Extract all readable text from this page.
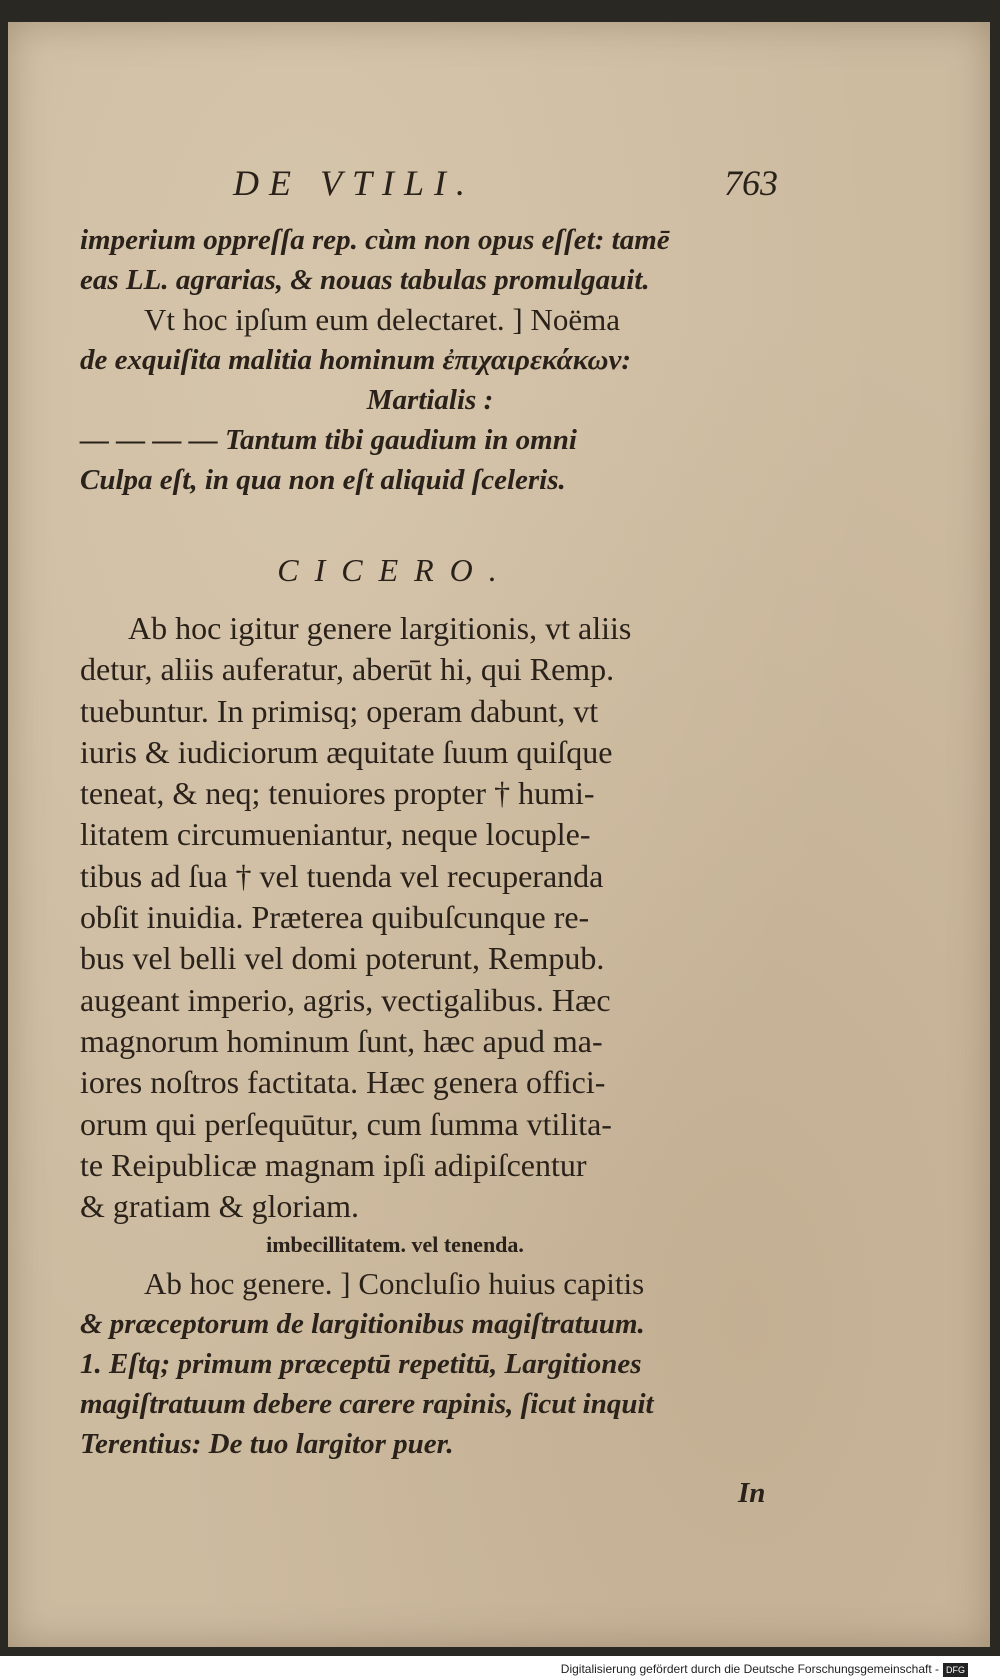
DE VTILI.	763
imperium oppreſſa rep. cùm non opus eſſet: tamē
eas LL. agrarias, & nouas tabulas promulgauit.
Vt hoc ipſum eum delectaret. ] Noëma
de exquiſita malitia hominum ἐπιχαιρεκάκων:
Martialis :
— — — — Tantum tibi gaudium in omni
Culpa eſt, in qua non eſt aliquid ſceleris.
CICERO.
Ab hoc igitur genere largitionis, vt aliis
detur, aliis auferatur, aberūt hi, qui Remp.
tuebuntur. In primisq; operam dabunt, vt
iuris & iudiciorum æquitate ſuum quiſque
teneat, & neq; tenuiores propter † humi-
litatem circumueniantur, neque locuple-
tibus ad ſua † vel tuenda vel recuperanda
obſit inuidia. Præterea quibuſcunque re-
bus vel belli vel domi poterunt, Rempub.
augeant imperio, agris, vectigalibus. Hæc
magnorum hominum ſunt, hæc apud ma-
iores noſtros factitata. Hæc genera offici-
orum qui perſequūtur, cum ſumma vtilita-
te Reipublicæ magnam ipſi adipiſcentur
& gratiam & gloriam.
imbecillitatem. vel tenenda.
Ab hoc genere. ] Concluſio huius capitis
& præceptorum de largitionibus magiſtratuum.
1. Eſtq; primum præceptū repetitū, Largitiones
magiſtratuum debere carere rapinis, ſicut inquit
Terentius: De tuo largitor puer.
In
Digitalisierung gefördert durch die Deutsche Forschungsgemeinschaft - DFG
